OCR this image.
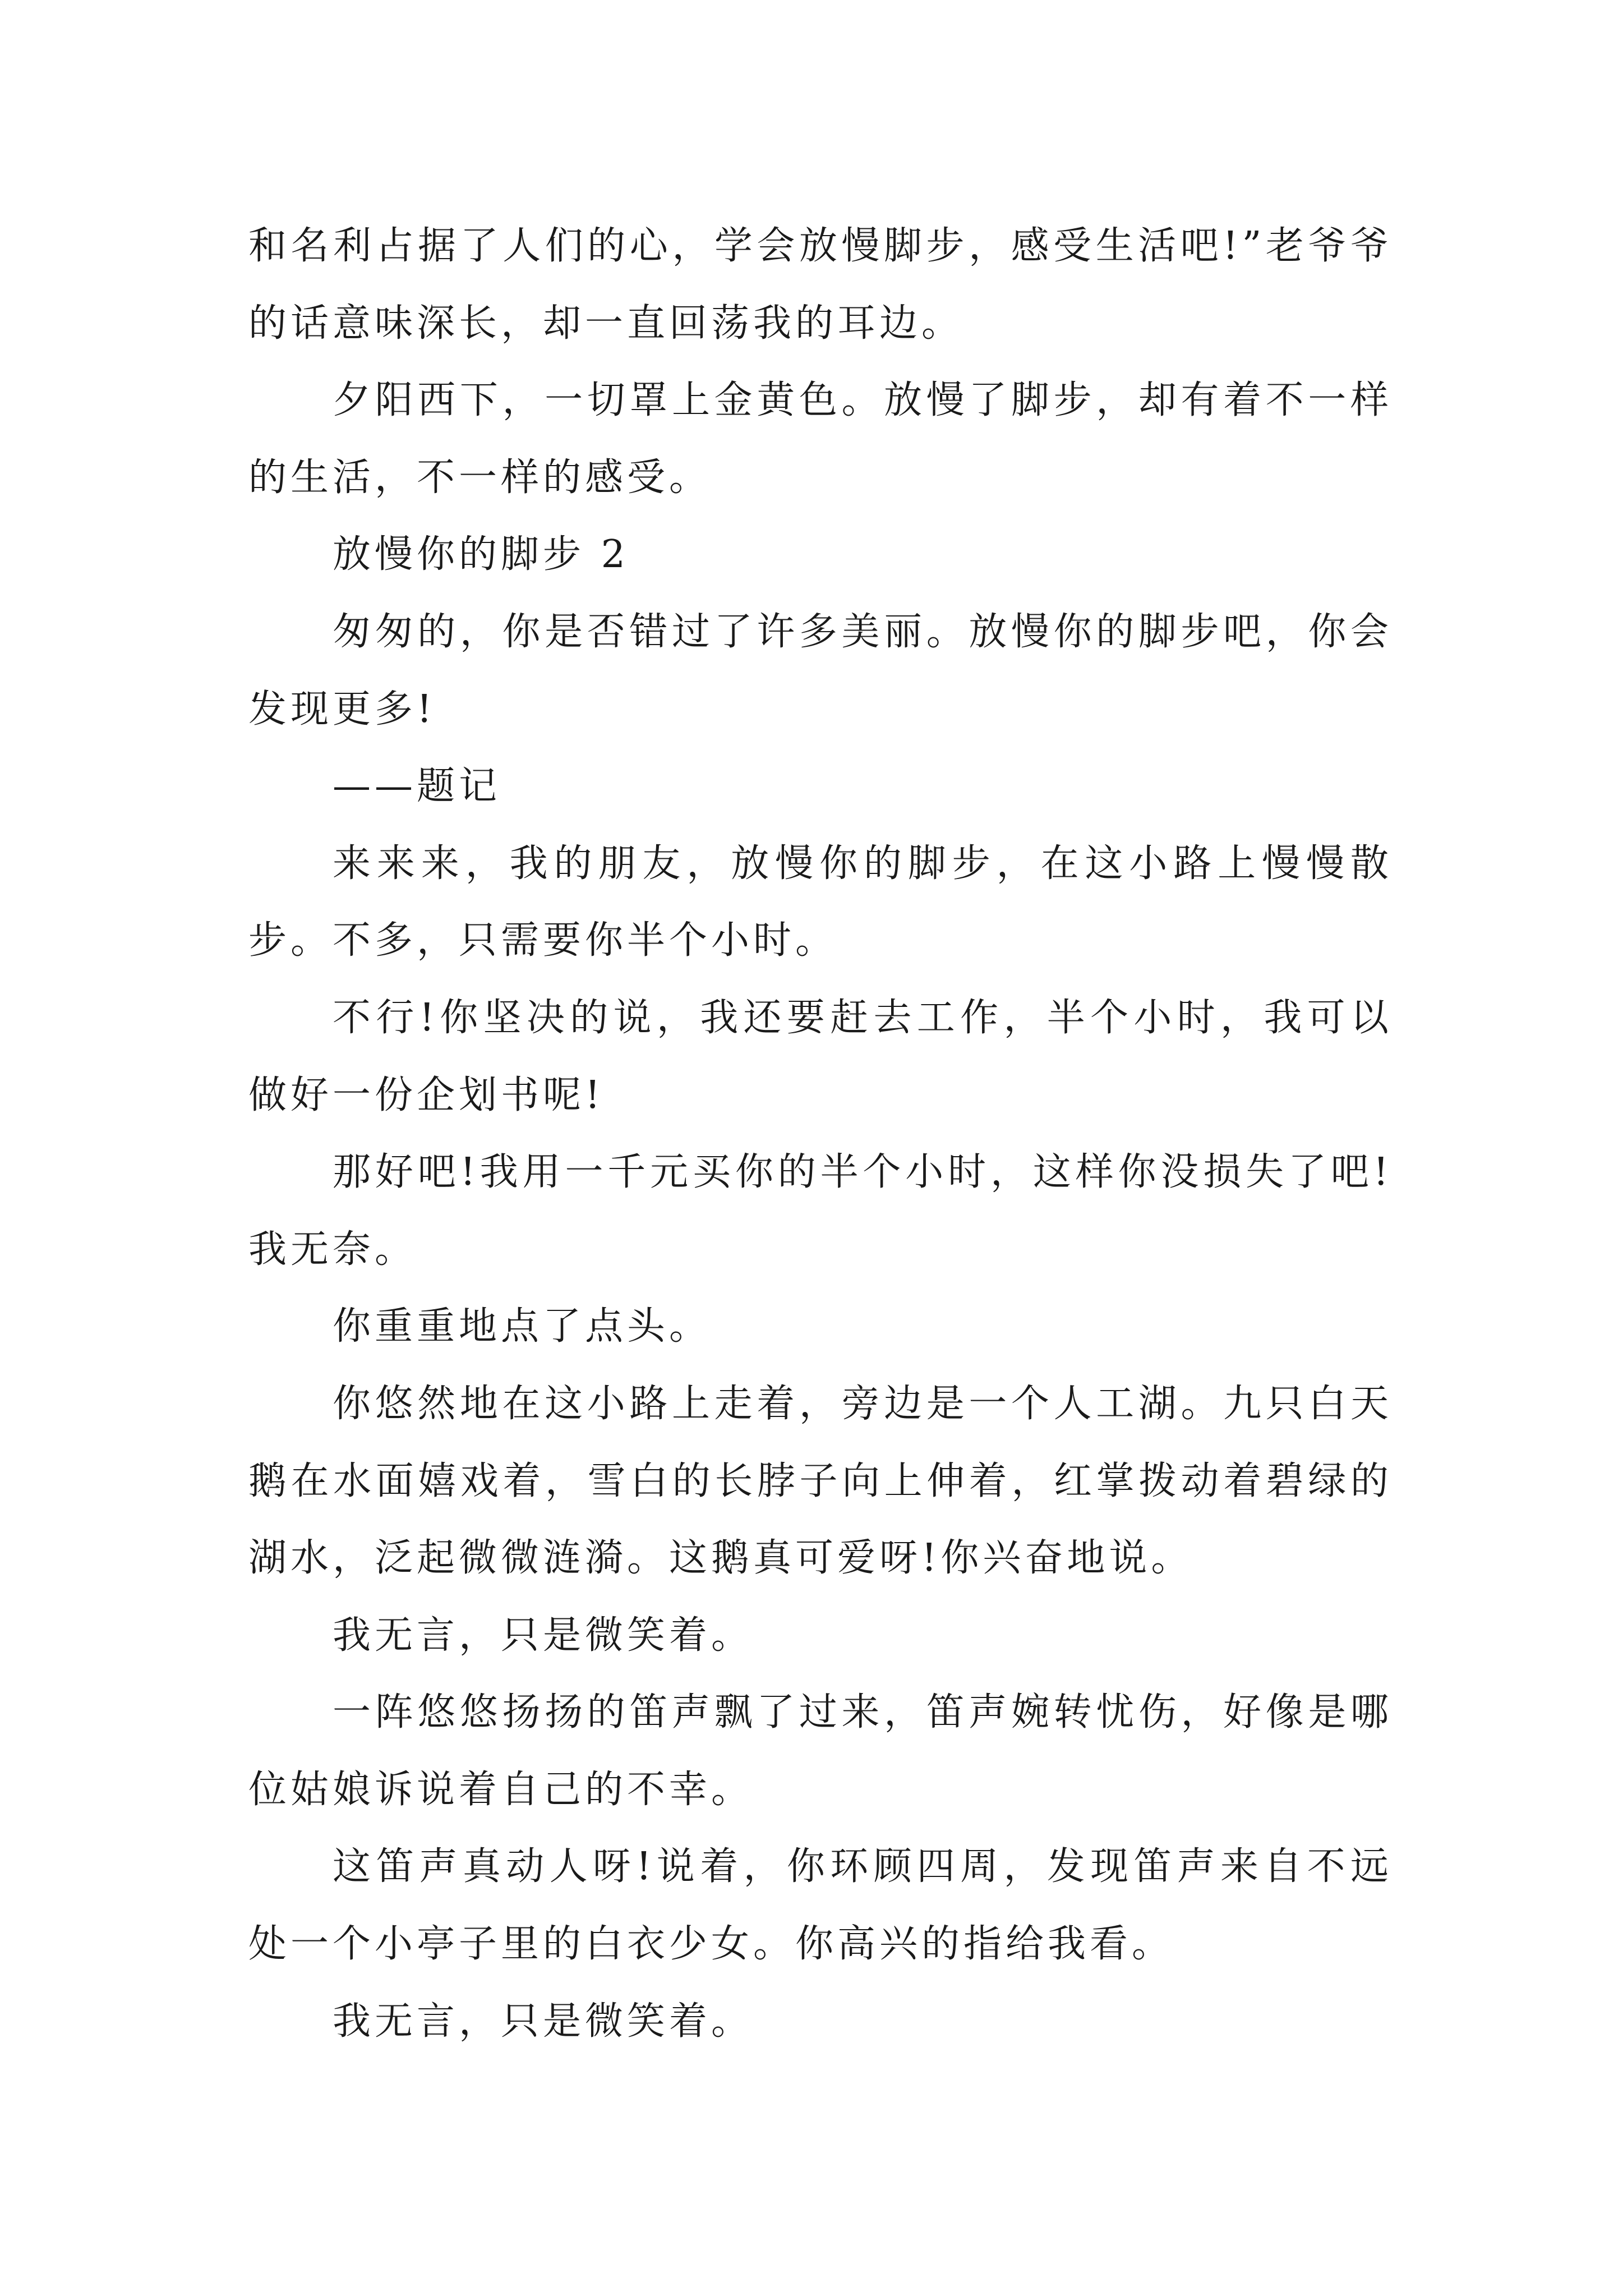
和名利占据了人们的心，学会放慢脚步，感受生活吧!”老爷爷的话意味深长，却一直回荡我的耳边。

夕阳西下，一切罩上金黄色。放慢了脚步，却有着不一样的生活，不一样的感受。

放慢你的脚步 2

匆匆的，你是否错过了许多美丽。放慢你的脚步吧，你会发现更多!

——题记

来来来，我的朋友，放慢你的脚步，在这小路上慢慢散步。不多，只需要你半个小时。

不行!你坚决的说，我还要赶去工作，半个小时，我可以做好一份企划书呢!

那好吧!我用一千元买你的半个小时，这样你没损失了吧!我无奈。

你重重地点了点头。

你悠然地在这小路上走着，旁边是一个人工湖。九只白天鹅在水面嬉戏着，雪白的长脖子向上伸着，红掌拨动着碧绿的湖水，泛起微微涟漪。这鹅真可爱呀!你兴奋地说。

我无言，只是微笑着。

一阵悠悠扬扬的笛声飘了过来，笛声婉转忧伤，好像是哪位姑娘诉说着自己的不幸。

这笛声真动人呀!说着，你环顾四周，发现笛声来自不远处一个小亭子里的白衣少女。你高兴的指给我看。

我无言，只是微笑着。
